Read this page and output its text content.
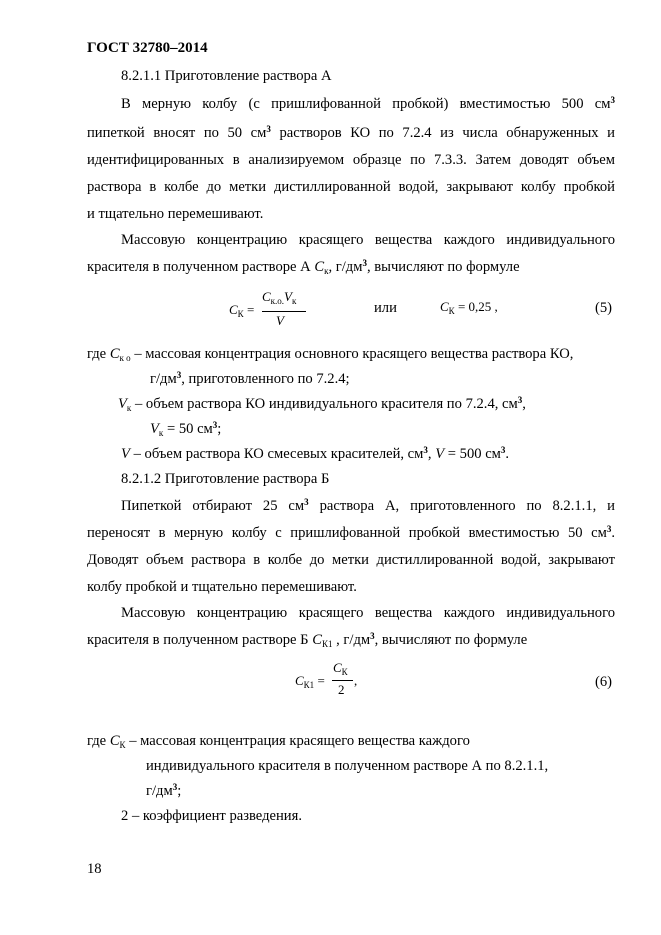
ГОСТ 32780–2014
8.2.1.1 Приготовление раствора А
В мерную колбу (с пришлифованной пробкой) вместимостью 500 $см^3$
пипеткой вносят по 50 $см^3$ растворов КО по 7.2.4 из числа обнаруженных и
идентифицированных в анализируемом образце по 7.3.3. Затем доводят объем
раствора в колбе до метки дистиллированной водой, закрывают колбу пробкой
и тщательно перемешивают.
Массовую концентрацию красящего вещества каждого индивидуального
красителя в полученном растворе А $C_к$, $г/дм^3$, вычисляют по формуле
$C_К$ =
$C_{к.о.}V_к$
V
или	$C_К = 0,25$ ,	(5)
где $C_{к о}$ – массовая концентрация основного красящего вещества раствора КО,
$г/дм^3$, приготовленного по 7.2.4;
$V_к$ – объем раствора КО индивидуального красителя по 7.2.4, $см^3$,
$V_к = 50$ $см^3$;
V – объем раствора КО смесевых красителей, $см^3$, V = 500 $см^3$.
8.2.1.2 Приготовление раствора Б
Пипеткой отбирают 25 $см^3$ раствора А, приготовленного по 8.2.1.1, и
переносят в мерную колбу с пришлифованной пробкой вместимостью 50 $см^3$.
Доводят объем раствора в колбе до метки дистиллированной водой, закрывают
колбу пробкой и тщательно перемешивают.
Массовую концентрацию красящего вещества каждого индивидуального
красителя в полученном растворе Б $C_{К1}$ , $г/дм^3$, вычисляют по формуле
$C_{К1}$ =
$C_К$
2
,	(6)
где $C_К$ – массовая концентрация красящего вещества каждого
индивидуального красителя в полученном растворе А по 8.2.1.1,
$г/дм^3$;
2 – коэффициент разведения.
18
